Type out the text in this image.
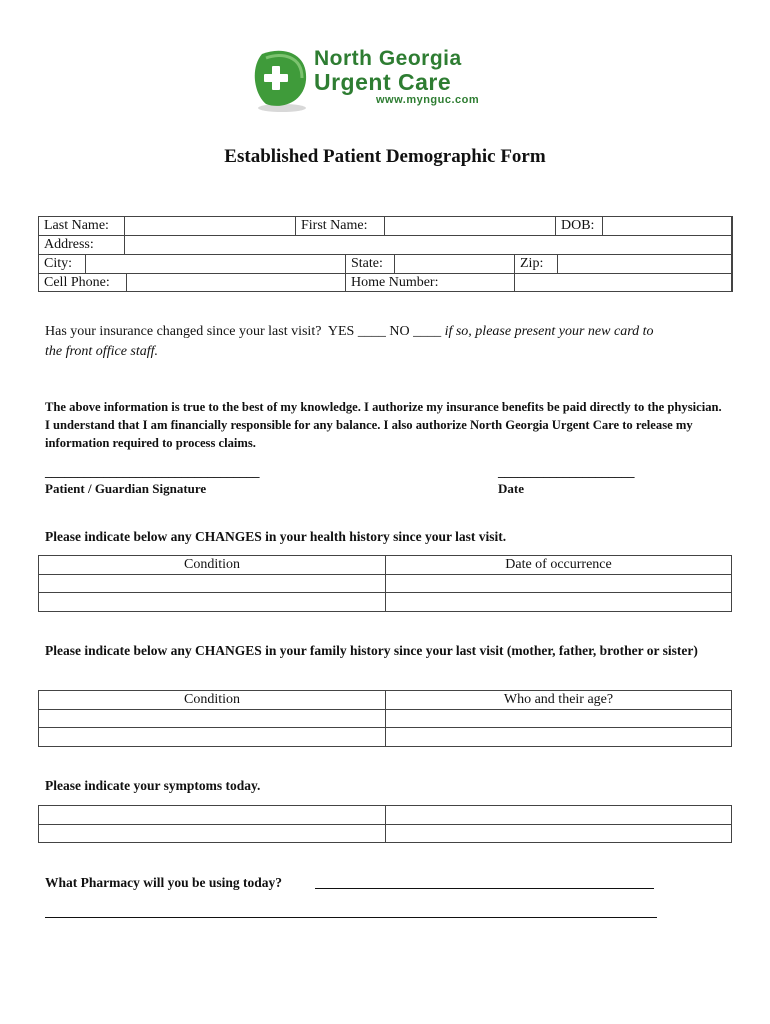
North Georgia
Urgent Care
www.mynguc.com
Established Patient Demographic Form
Last Name:	First Name:	DOB:
Address:
City:	State:	Zip:
Cell Phone:	Home Number:
Has your insurance changed since your last visit?  YES ____ NO ____ if so, please present your new card to
the front office staff.
The above information is true to the best of my knowledge. I authorize my insurance benefits be paid directly to the physician. I understand that I am financially responsible for any balance. I also authorize North Georgia Urgent Care to release my information required to process claims.
_________________________________
Patient / Guardian Signature
_____________________
Date
Please indicate below any CHANGES in your health history since your last visit.
Condition	Date of occurrence

Please indicate below any CHANGES in your family history since your last visit (mother, father, brother or sister)
Condition	Who and their age?

Please indicate your symptoms today.

What Pharmacy will you be using today?
